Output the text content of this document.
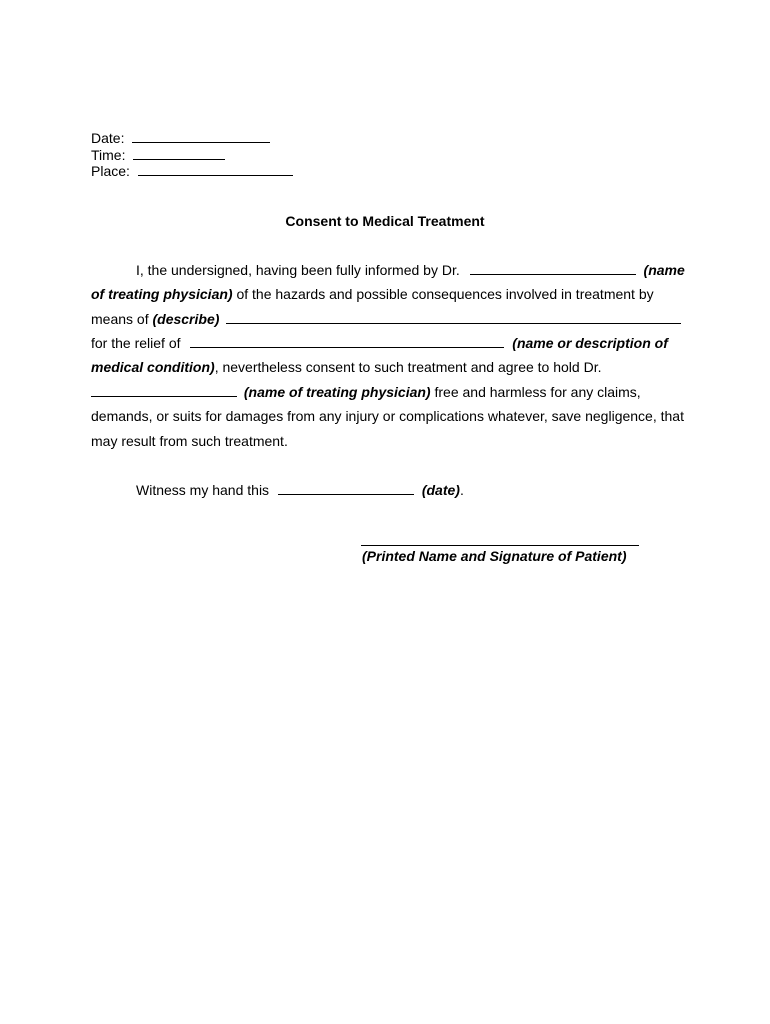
Date:
Time:
Place:
Consent to Medical Treatment
I, the undersigned, having been fully informed by Dr.	(name
of treating physician) of the hazards and possible consequences involved in treatment by
means of (describe)
for the relief of	(name or description of
medical condition), nevertheless consent to such treatment and agree to hold Dr.
(name of treating physician) free and harmless for any claims,
demands, or suits for damages from any injury or complications whatever, save negligence, that
may result from such treatment.
Witness my hand this	(date).
(Printed Name and Signature of Patient)
